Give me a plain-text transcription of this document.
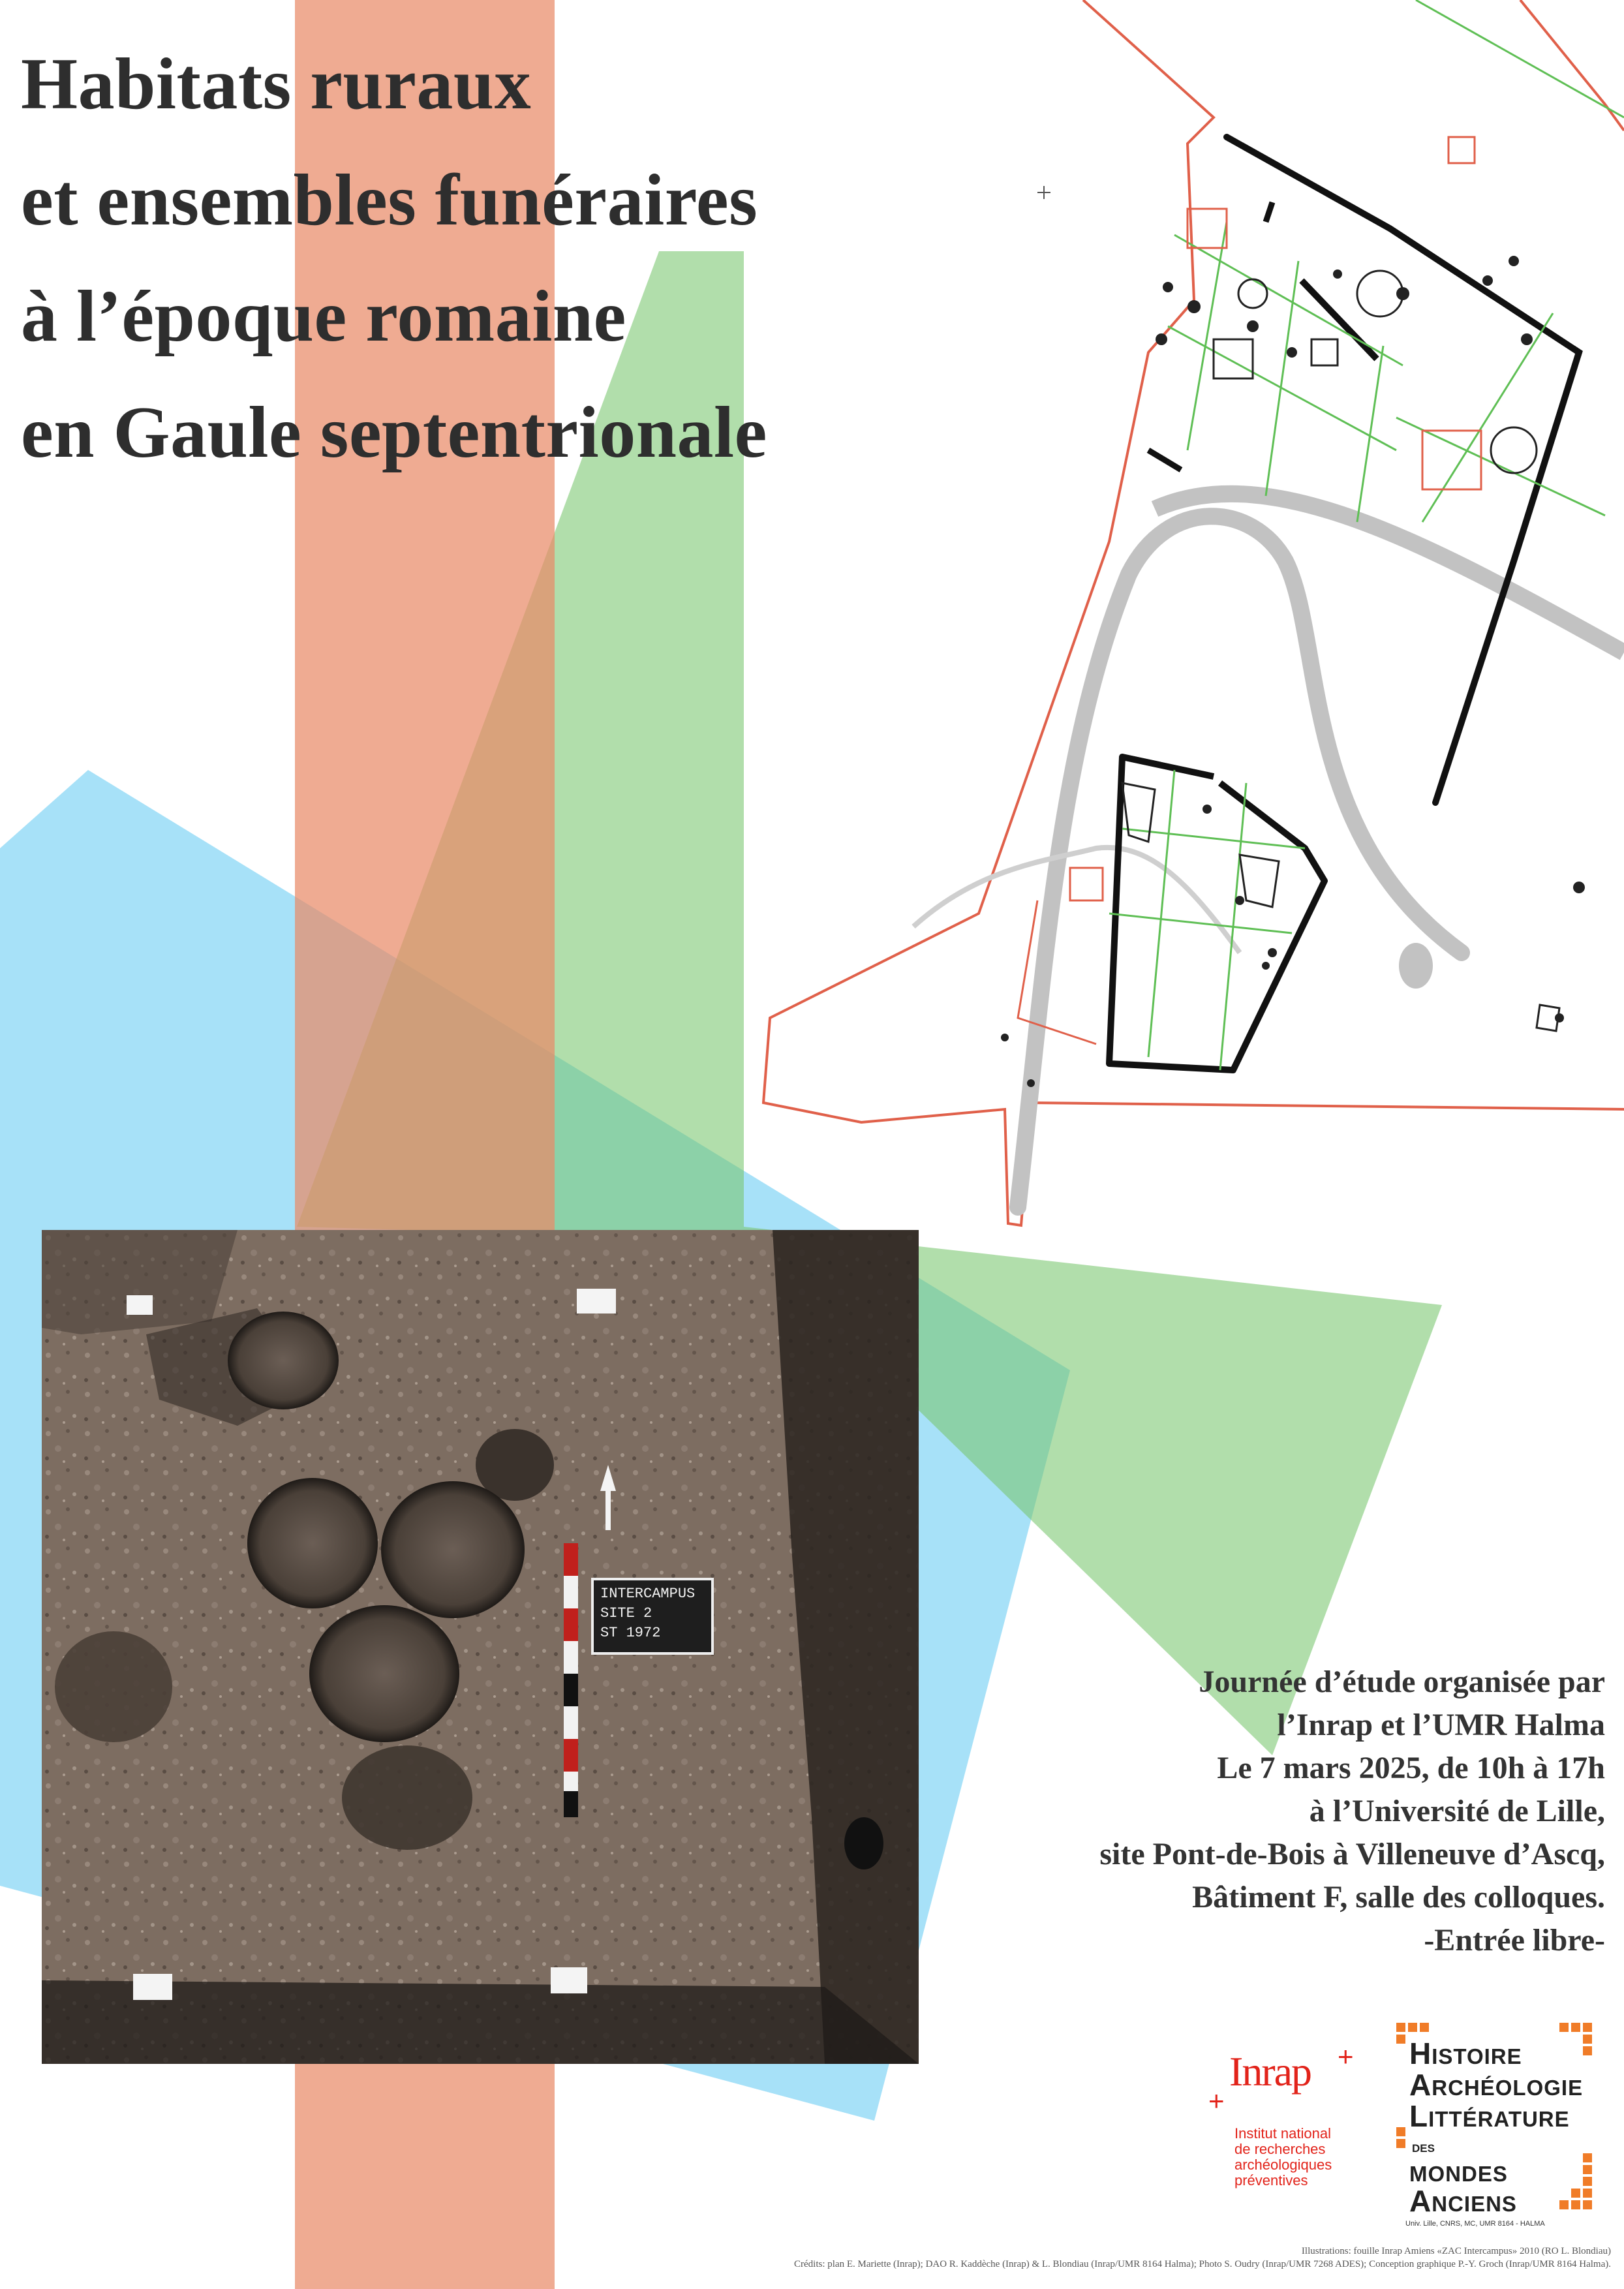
Habitats ruraux
et ensembles funéraires
à l’époque romaine
en Gaule septentrionale
INTERCAMPUS
SITE 2
ST 1972
Journée d’étude organisée par
l’Inrap et l’UMR Halma
Le 7 mars 2025, de 10h à 17h
à l’Université de Lille,
site Pont-de-Bois à Villeneuve d’Ascq,
Bâtiment F, salle des colloques.
-Entrée libre-
+
Inrap
+
Institut national
de recherches
archéologiques
préventives
HISTOIRE
ARCHÉOLOGIE
LITTÉRATURE
DES
MONDES
ANCIENS
Univ. Lille, CNRS, MC, UMR 8164 - HALMA
Illustrations: fouille Inrap Amiens «ZAC Intercampus» 2010 (RO L. Blondiau)
Crédits: plan E. Mariette (Inrap); DAO R. Kaddèche (Inrap) & L. Blondiau (Inrap/UMR 8164 Halma); Photo S. Oudry (Inrap/UMR 7268 ADES); Conception graphique P.-Y. Groch (Inrap/UMR 8164 Halma).
